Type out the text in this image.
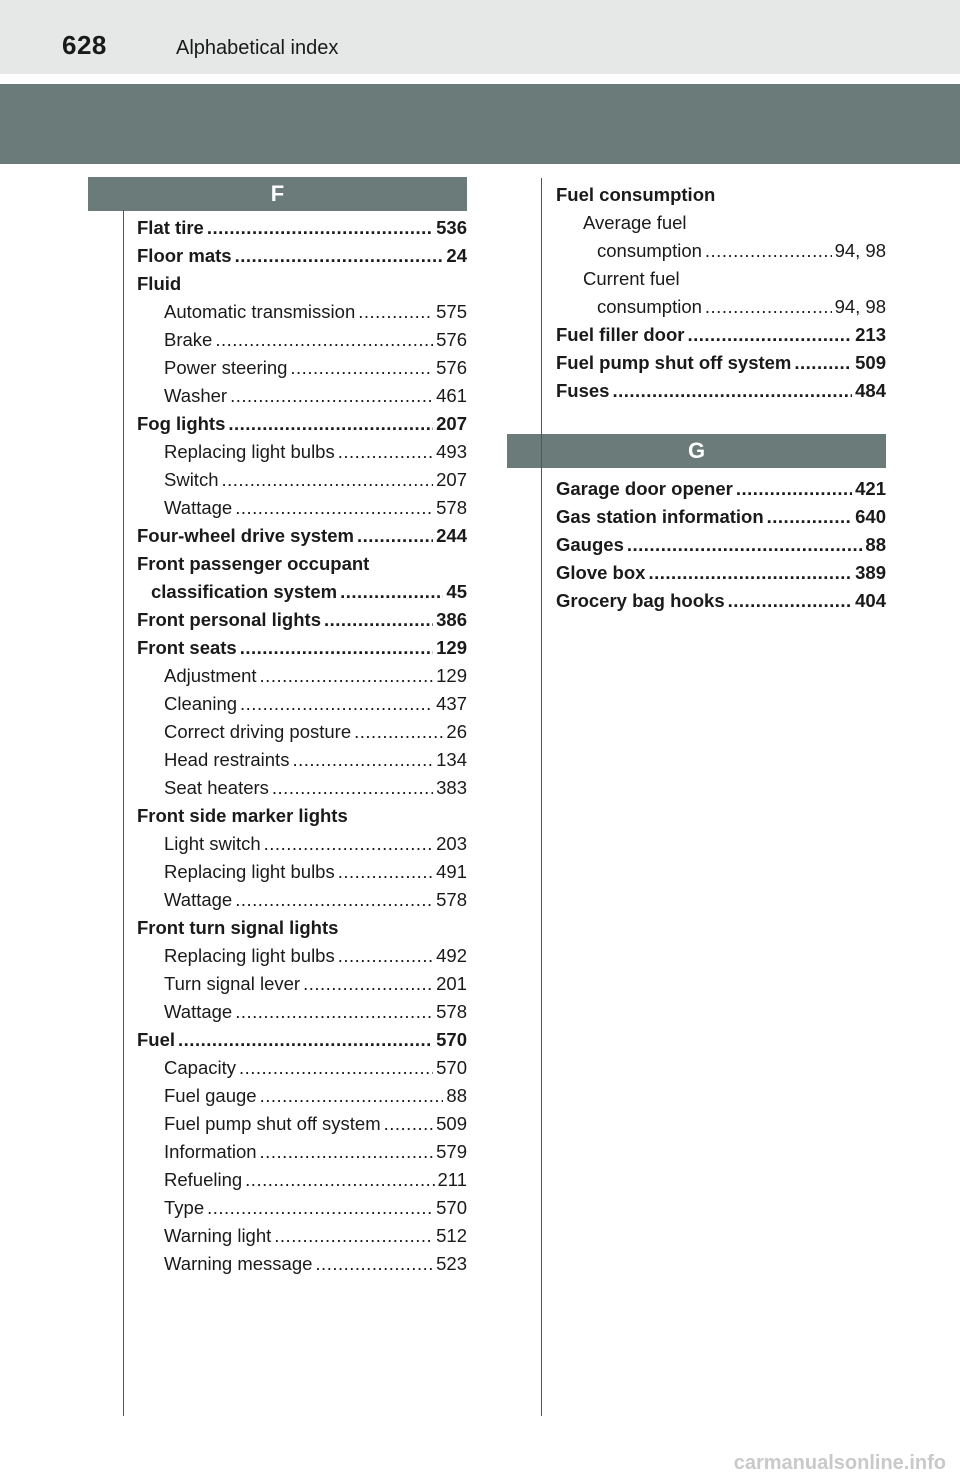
628	Alphabetical index
F
G
Flat tire .....	536
Floor mats .....	24
Fluid
Automatic transmission .....	575
Brake .....	576
Power steering .....	576
Washer .....	461
Fog lights .....	207
Replacing light bulbs .....	493
Switch .....	207
Wattage .....	578
Four-wheel drive system .....	244
Front passenger occupant
classification system .....	45
Front personal lights .....	386
Front seats .....	129
Adjustment .....	129
Cleaning .....	437
Correct driving posture .....	26
Head restraints .....	134
Seat heaters .....	383
Front side marker lights
Light switch .....	203
Replacing light bulbs .....	491
Wattage .....	578
Front turn signal lights
Replacing light bulbs .....	492
Turn signal lever .....	201
Wattage .....	578
Fuel .....	570
Capacity .....	570
Fuel gauge .....	88
Fuel pump shut off system .....	509
Information .....	579
Refueling .....	211
Type .....	570
Warning light .....	512
Warning message .....	523
Fuel consumption
Average fuel
consumption .....	94, 98
Current fuel
consumption .....	94, 98
Fuel filler door .....	213
Fuel pump shut off system .....	509
Fuses .....	484
Garage door opener .....	421
Gas station information .....	640
Gauges .....	88
Glove box .....	389
Grocery bag hooks .....	404
carmanualsonline.info
